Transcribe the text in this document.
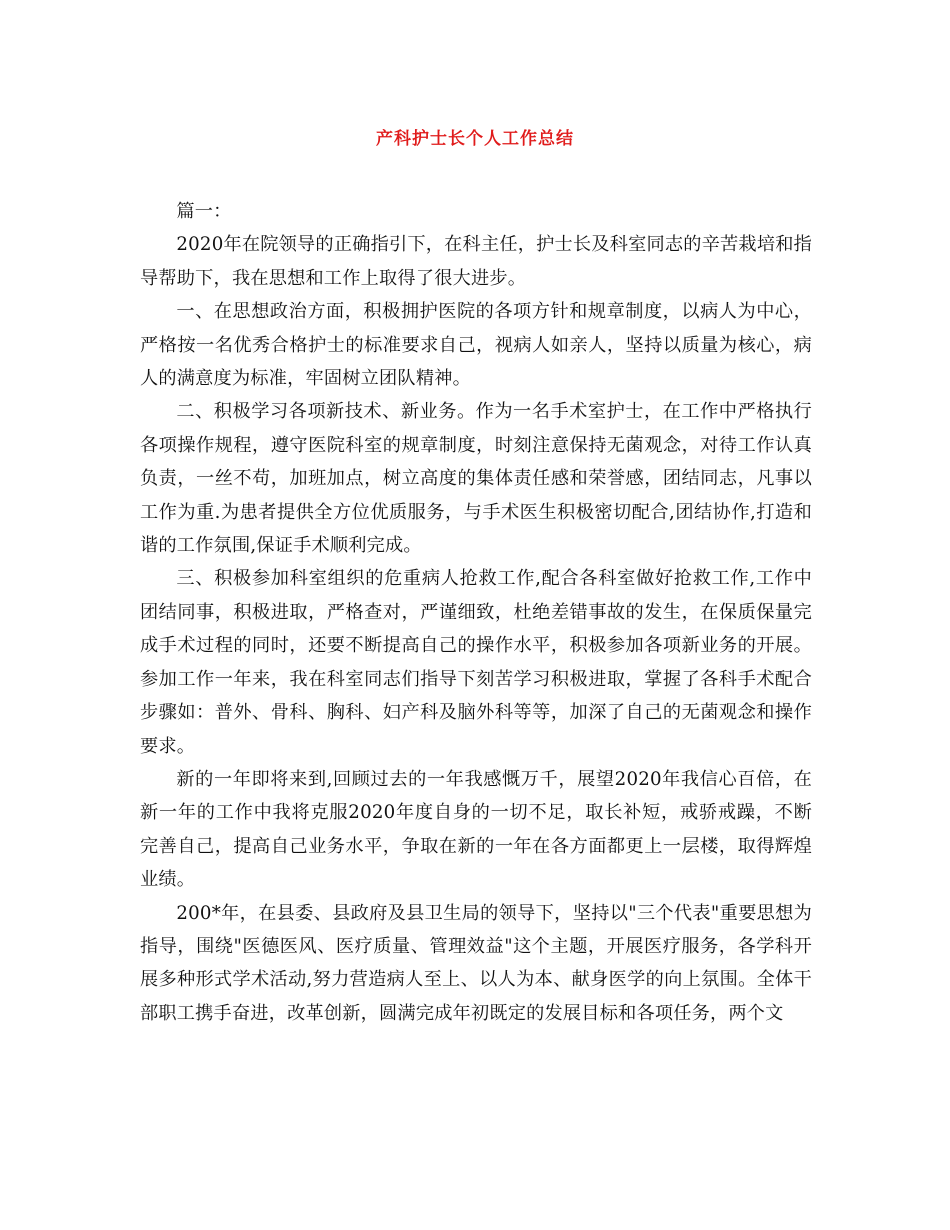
产科护士长个人工作总结

篇一：

2020年在院领导的正确指引下，在科主任，护士长及科室同志的辛苦栽培和指导帮助下，我在思想和工作上取得了很大进步。

一、在思想政治方面，积极拥护医院的各项方针和规章制度，以病人为中心，严格按一名优秀合格护士的标准要求自己，视病人如亲人，坚持以质量为核心，病人的满意度为标准，牢固树立团队精神。

二、积极学习各项新技术、新业务。作为一名手术室护士，在工作中严格执行各项操作规程，遵守医院科室的规章制度，时刻注意保持无菌观念，对待工作认真负责，一丝不苟，加班加点，树立高度的集体责任感和荣誉感，团结同志，凡事以工作为重.为患者提供全方位优质服务，与手术医生积极密切配合,团结协作,打造和谐的工作氛围,保证手术顺利完成。

三、积极参加科室组织的危重病人抢救工作,配合各科室做好抢救工作,工作中团结同事，积极进取，严格查对，严谨细致，杜绝差错事故的发生，在保质保量完成手术过程的同时，还要不断提高自己的操作水平，积极参加各项新业务的开展。参加工作一年来，我在科室同志们指导下刻苦学习积极进取，掌握了各科手术配合步骤如：普外、骨科、胸科、妇产科及脑外科等等，加深了自己的无菌观念和操作要求。

新的一年即将来到,回顾过去的一年我感慨万千，展望2020年我信心百倍，在新一年的工作中我将克服2020年度自身的一切不足，取长补短，戒骄戒躁，不断完善自己，提高自己业务水平，争取在新的一年在各方面都更上一层楼，取得辉煌业绩。

200*年，在县委、县政府及县卫生局的领导下，坚持以"三个代表"重要思想为指导，围绕"医德医风、医疗质量、管理效益"这个主题，开展医疗服务，各学科开展多种形式学术活动,努力营造病人至上、以人为本、献身医学的向上氛围。全体干部职工携手奋进，改革创新，圆满完成年初既定的发展目标和各项任务，两个文
